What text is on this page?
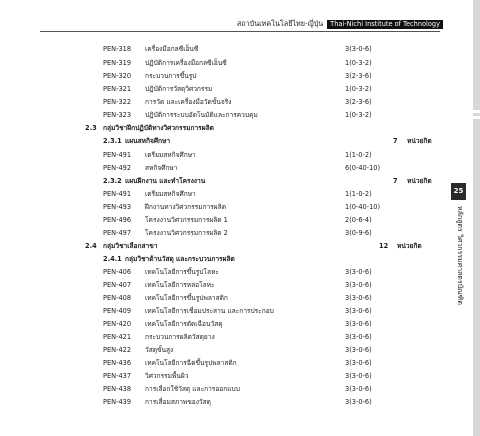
สถาบันเทคโนโลยีไทย-ญี่ปุ่น	Thai-Nichi Institute of Technology
25
หลักสูตร วิศวกรรมศาสตรบัณฑิต
PEN-318 เครื่องมือกลซีเอ็นซี	3(3-0-6)
PEN-319 ปฏิบัติการเครื่องมือกลซีเอ็นซี	1(0-3-2)
PEN-320 กระบวนการขึ้นรูป	3(2-3-6)
PEN-321 ปฏิบัติการวัสดุวิศวกรรม	1(0-3-2)
PEN-322 การวัด และเครื่องมือวัดขั้นจริง	3(2-3-6)
PEN-323 ปฏิบัติการระบบอัตโนมัติและการควบคุม	1(0-3-2)
2.3 กลุ่มวิชาฝึกปฏิบัติทางวิศวกรรมการผลิต
2.3.1 แผนสหกิจศึกษา	7 หน่วยกิต
PEN-491 เตรียมสหกิจศึกษา	1(1-0-2)
PEN-492 สหกิจศึกษา	6(0-40-10)
2.3.2 แผนฝึกงาน และทำโครงงาน	7 หน่วยกิต
PEN-491 เตรียมสหกิจศึกษา	1(1-0-2)
PEN-493 ฝึกงานทางวิศวกรรมการผลิต	1(0-40-10)
PEN-496 โครงงานวิศวกรรมการผลิต 1	2(0-6-4)
PEN-497 โครงงานวิศวกรรมการผลิต 2	3(0-9-6)
2.4 กลุ่มวิชาเลือกสาขา	12 หน่วยกิต
2.4.1 กลุ่มวิชาด้านวัสดุ และกระบวนการผลิต
PEN-406 เทคโนโลยีการขึ้นรูปโลหะ	3(3-0-6)
PEN-407 เทคโนโลยีการหล่อโลหะ	3(3-0-6)
PEN-408 เทคโนโลยีการขึ้นรูปพลาสติก	3(3-0-6)
PEN-409 เทคโนโลยีการเชื่อมประสาน และการประกอบ	3(3-0-6)
PEN-420 เทคโนโลยีการตัดเฉือนวัสดุ	3(3-0-6)
PEN-421 กระบวนการผลิตวัสดุยาง	3(3-0-6)
PEN-422 วัสดุขั้นสูง	3(3-0-6)
PEN-436 เทคโนโลยีการฉีดขึ้นรูปพลาสติก	3(3-0-6)
PEN-437 วิศวกรรมพื้นผิว	3(3-0-6)
PEN-438 การเลือกใช้วัสดุ และการออกแบบ	3(3-0-6)
PEN-439 การเสื่อมสภาพของวัสดุ	3(3-0-6)
